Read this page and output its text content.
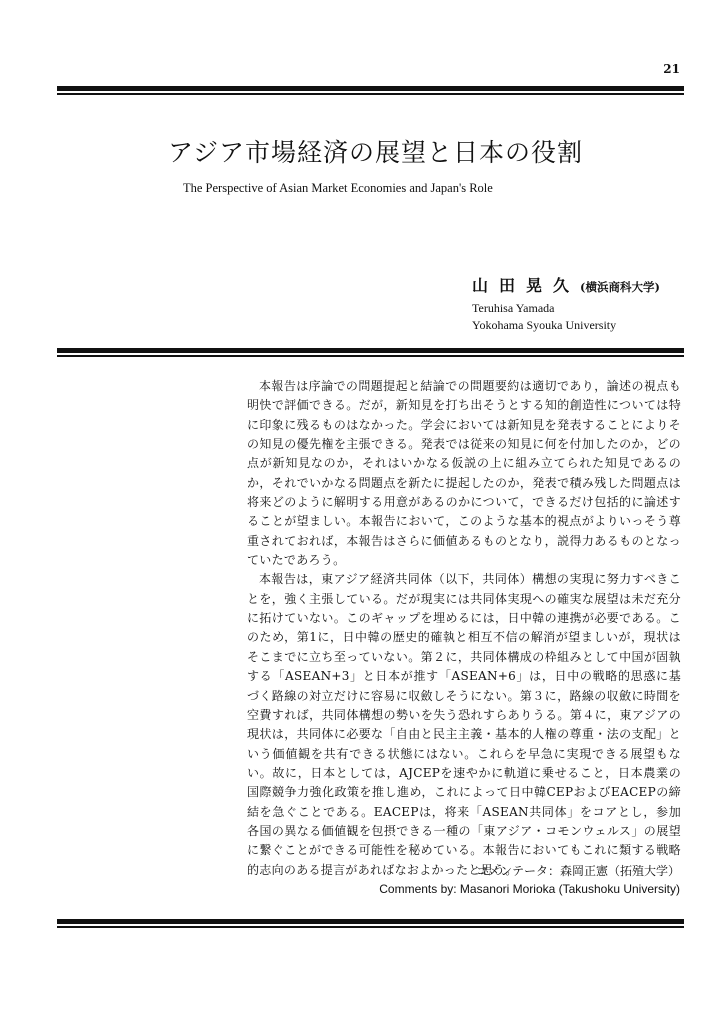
21
アジア市場経済の展望と日本の役割
The Perspective of Asian Market Economies and Japan's Role
山田晃久(横浜商科大学)
Teruhisa Yamada
Yokohama Syouka University

本報告は序論での問題提起と結論での問題要約は適切であり，論述の視点も明快で評価できる。だが，新知見を打ち出そうとする知的創造性については特に印象に残るものはなかった。学会においては新知見を発表することによりその知見の優先権を主張できる。発表では従来の知見に何を付加したのか，どの点が新知見なのか，それはいかなる仮説の上に組み立てられた知見であるのか，それでいかなる問題点を新たに提起したのか，発表で積み残した問題点は将来どのように解明する用意があるのかについて，できるだけ包括的に論述することが望ましい。本報告において，このような基本的視点がよりいっそう尊重されておれば，本報告はさらに価値あるものとなり，説得力あるものとなっていたであろう。

本報告は，東アジア経済共同体（以下，共同体）構想の実現に努力すべきことを，強く主張している。だが現実には共同体実現への確実な展望は未だ充分に拓けていない。このギャップを埋めるには，日中韓の連携が必要である。このため，第1に，日中韓の歴史的確執と相互不信の解消が望ましいが，現状はそこまでに立ち至っていない。第２に，共同体構成の枠組みとして中国が固執する「ASEAN+3」と日本が推す「ASEAN+6」は，日中の戦略的思惑に基づく路線の対立だけに容易に収斂しそうにない。第３に，路線の収斂に時間を空費すれば，共同体構想の勢いを失う恐れすらありうる。第４に，東アジアの現状は，共同体に必要な「自由と民主主義・基本的人権の尊重・法の支配」という価値観を共有できる状態にはない。これらを早急に実現できる展望もない。故に，日本としては，AJCEPを速やかに軌道に乗せること，日本農業の国際競争力強化政策を推し進め，これによって日中韓CEPおよびEACEPの締結を急ぐことである。EACEPは，将来「ASEAN共同体」をコアとし，参加各国の異なる価値観を包摂できる一種の「東アジア・コモンウェルス」の展望に繋ぐことができる可能性を秘めている。本報告においてもこれに類する戦略的志向のある提言があればなおよかったと思う。

コメンテータ：森岡正憲（拓殖大学）
Comments by: Masanori Morioka (Takushoku University)
